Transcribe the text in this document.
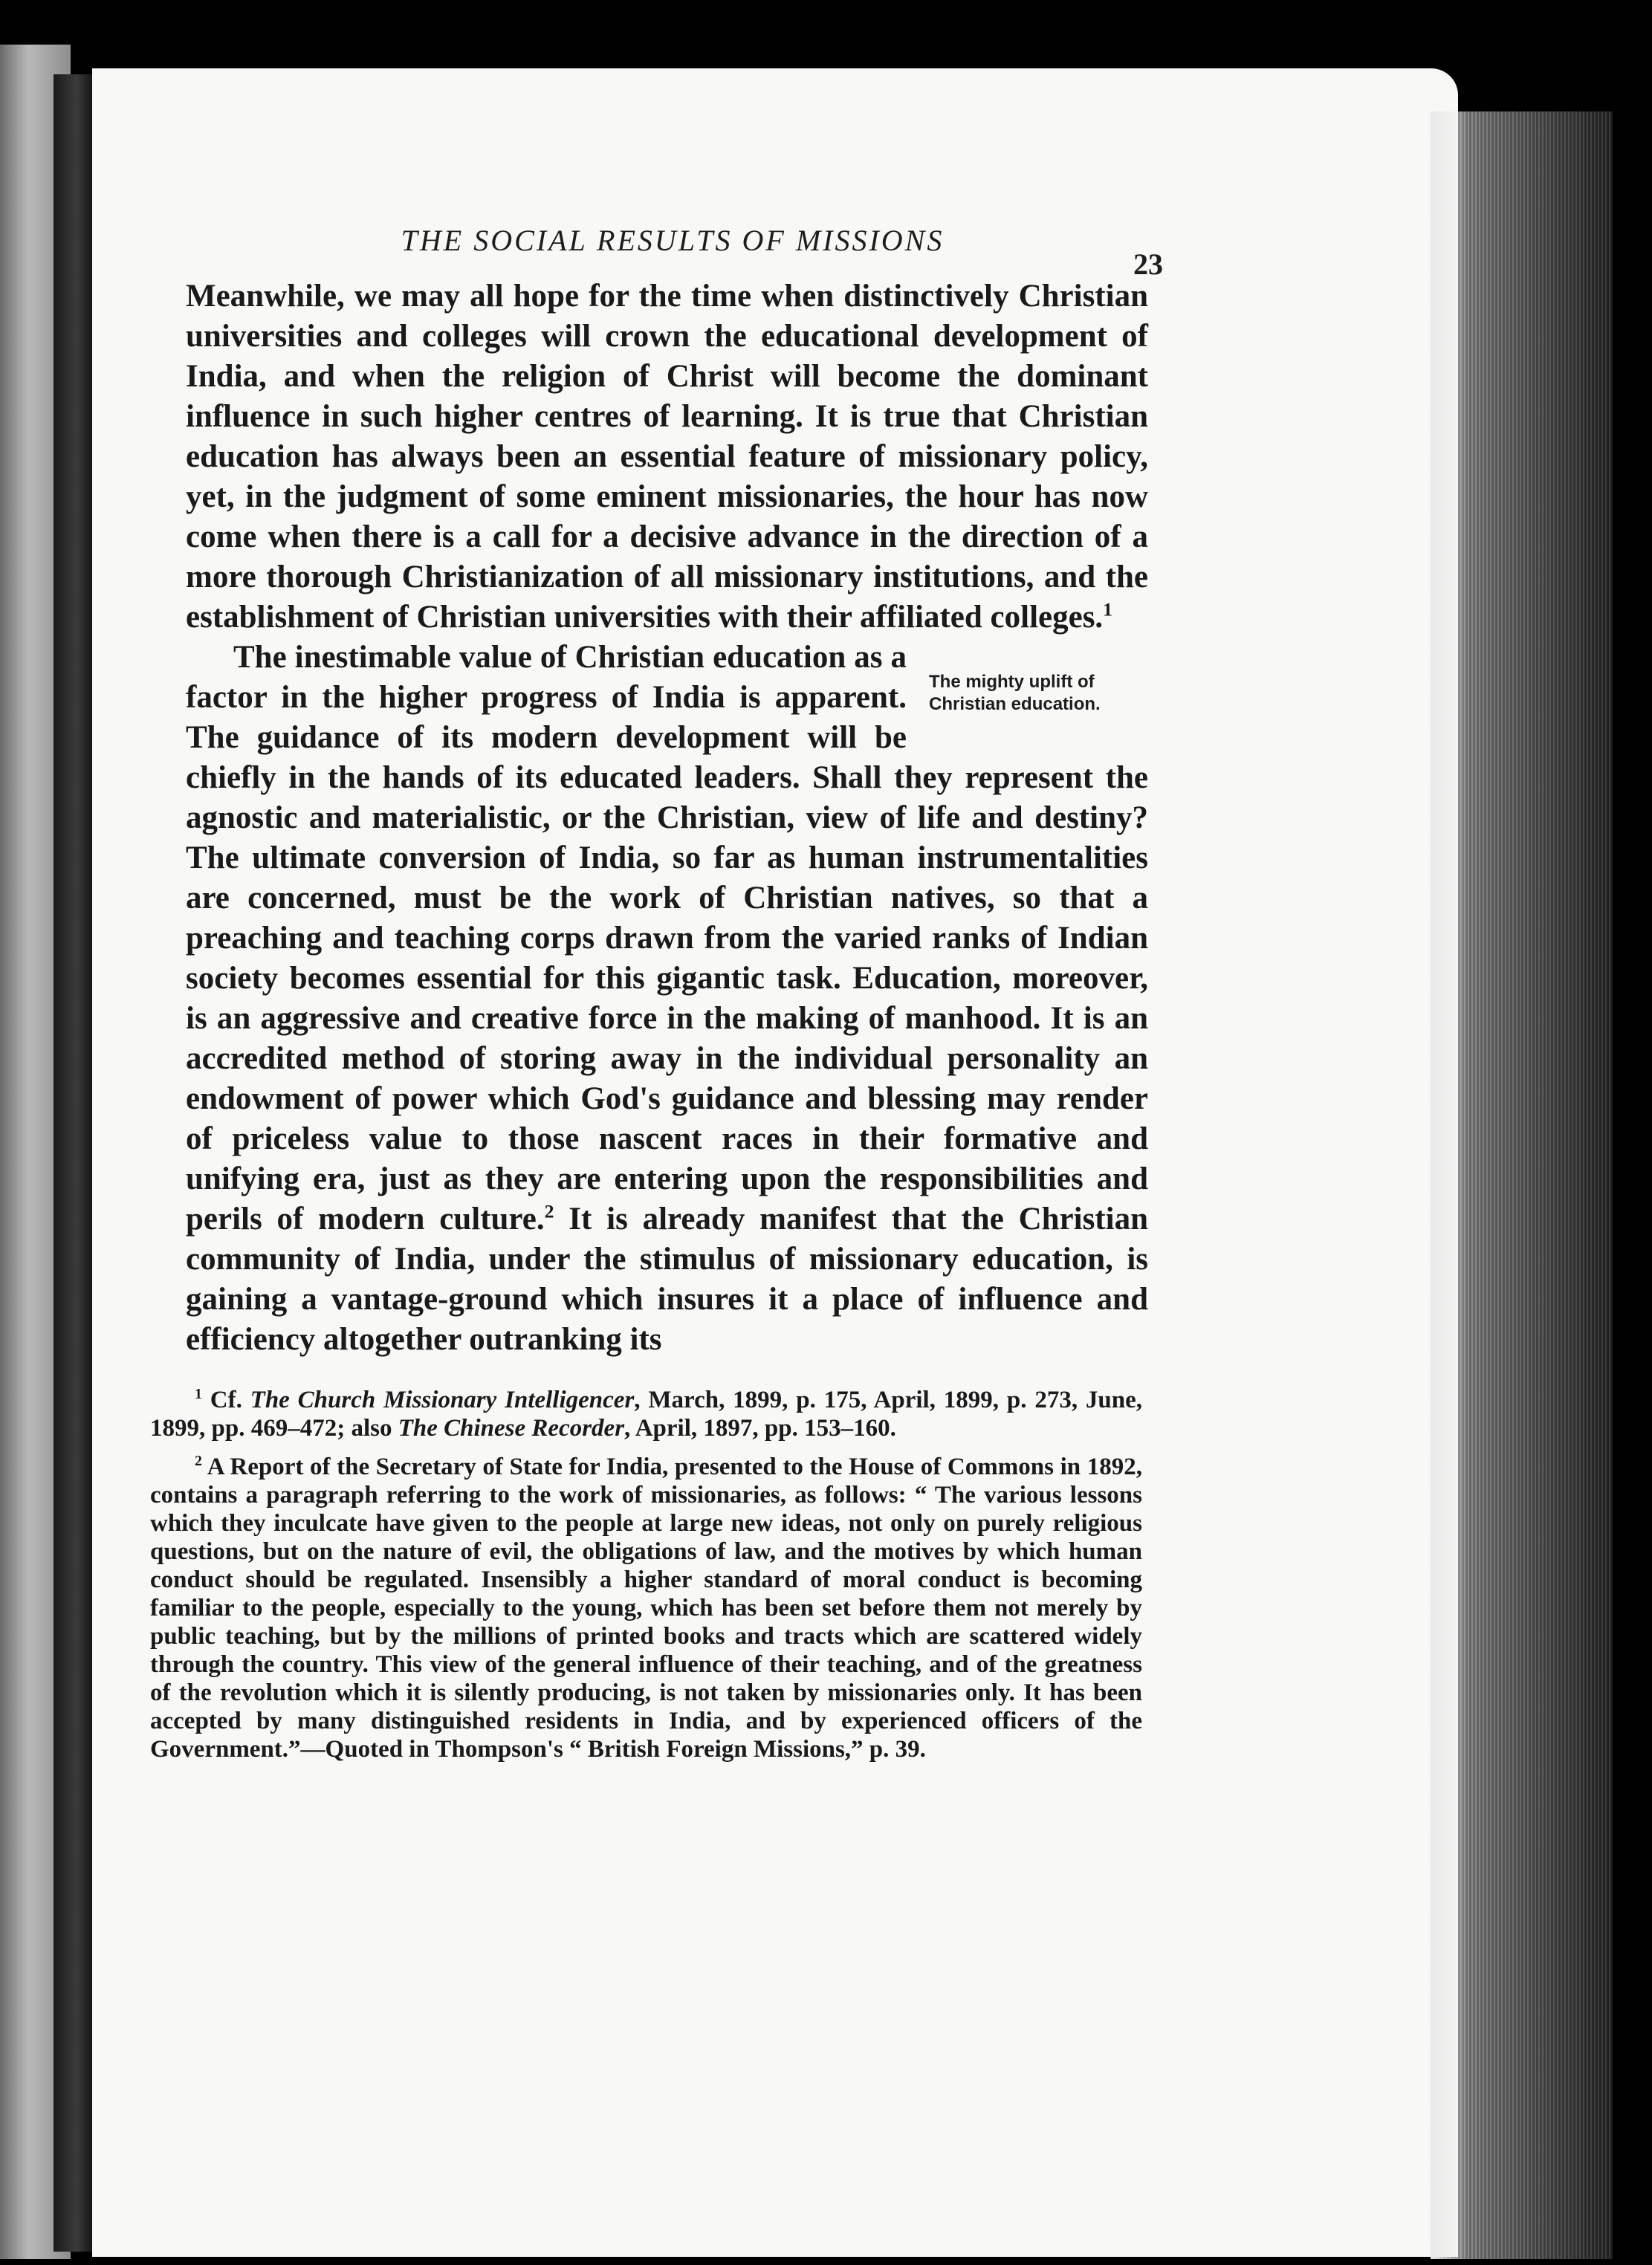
THE SOCIAL RESULTS OF MISSIONS
23

Meanwhile, we may all hope for the time when distinctively Christian universities and colleges will crown the educational development of India, and when the religion of Christ will become the dominant influence in such higher centres of learning. It is true that Christian education has always been an essential feature of missionary policy, yet, in the judgment of some eminent missionaries, the hour has now come when there is a call for a decisive advance in the direction of a more thorough Christianization of all missionary institutions, and the establishment of Christian universities with their affiliated colleges.$^1$

The mighty uplift of
Christian education.
The inestimable value of Christian education as a factor in the higher progress of India is apparent. The guidance of its modern development will be chiefly in the hands of its educated leaders. Shall they represent the agnostic and materialistic, or the Christian, view of life and destiny? The ultimate conversion of India, so far as human instrumentalities are concerned, must be the work of Christian natives, so that a preaching and teaching corps drawn from the varied ranks of Indian society becomes essential for this gigantic task. Education, moreover, is an aggressive and creative force in the making of manhood. It is an accredited method of storing away in the individual personality an endowment of power which God's guidance and blessing may render of priceless value to those nascent races in their formative and unifying era, just as they are entering upon the responsibilities and perils of modern culture.$^2$ It is already manifest that the Christian community of India, under the stimulus of missionary education, is gaining a vantage-ground which insures it a place of influence and efficiency altogether outranking its

$^1$ Cf. The Church Missionary Intelligencer, March, 1899, p. 175, April, 1899, p. 273, June, 1899, pp. 469–472; also The Chinese Recorder, April, 1897, pp. 153–160.

$^2$ A Report of the Secretary of State for India, presented to the House of Commons in 1892, contains a paragraph referring to the work of missionaries, as follows: “ The various lessons which they inculcate have given to the people at large new ideas, not only on purely religious questions, but on the nature of evil, the obligations of law, and the motives by which human conduct should be regulated. Insensibly a higher standard of moral conduct is becoming familiar to the people, especially to the young, which has been set before them not merely by public teaching, but by the millions of printed books and tracts which are scattered widely through the country. This view of the general influence of their teaching, and of the greatness of the revolution which it is silently producing, is not taken by missionaries only. It has been accepted by many distinguished residents in India, and by experienced officers of the Government.”—Quoted in Thompson's “ British Foreign Missions,” p. 39.
